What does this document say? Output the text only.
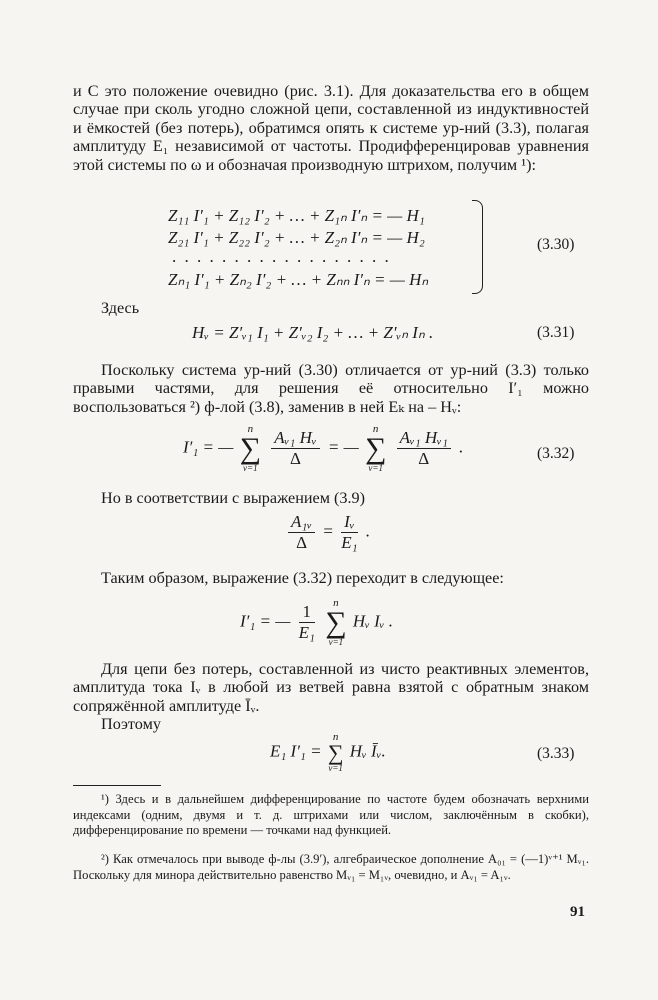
и C это положение очевидно (рис. 3.1). Для доказательства его в общем случае при сколь угодно сложной цепи, составленной из индуктивностей и ёмкостей (без потерь), обратимся опять к системе ур-ний (3.3), полагая амплитуду E₁ независимой от частоты. Продифференцировав уравнения этой системы по ω и обозначая производную штрихом, получим ¹):

Z₁₁ I′₁ + Z₁₂ I′₂ + … + Z₁ₙ I′ₙ = — H₁
Z₂₁ I′₁ + Z₂₂ I′₂ + … + Z₂ₙ I′ₙ = — H₂
. . . . . . . . . . . . . . . . . .
Zₙ₁ I′₁ + Zₙ₂ I′₂ + … + Zₙₙ I′ₙ = — Hₙ
(3.30)
Здесь
Hᵥ = Z′ᵥ₁ I₁ + Z′ᵥ₂ I₂ + … + Z′ᵥₙ Iₙ .	(3.31)

Поскольку система ур-ний (3.30) отличается от ур-ний (3.3) только правыми частями, для решения её относительно I′₁ можно воспользоваться ²) ф-лой (3.8), заменив в ней Eₖ на – Hᵥ:

I′₁ = —
n
∑
ν=1
$\frac{\text{Aᵥ₁ Hᵥ}}{\Delta}$ = —
n
∑
ν=1
$\frac{\text{Aᵥ₁ Hᵥ₁}}{\Delta}$ .	(3.32)
Но в соответствии с выражением (3.9)
$\frac{\text{A₁ᵥ}}{\Delta} = \frac{\text{Iᵥ}}{\text{E₁}}$ .
Таким образом, выражение (3.32) переходит в следующее:
I′₁ = — $\frac{1}{\text{E₁}}$
	n
∑
ν=1
Hᵥ Iᵥ .

Для цепи без потерь, составленной из чисто реактивных элементов, амплитуда тока Iᵥ в любой из ветвей равна взятой с обратным знаком сопряжённой амплитуде Īᵥ.

Поэтому
E₁ I′₁ =
n
∑
ν=1
Hᵥ Īᵥ.	(3.33)

¹) Здесь и в дальнейшем дифференцирование по частоте будем обозначать верхними индексами (одним, двумя и т. д. штрихами или числом, заключённым в скобки), дифференцирование по времени — точками над функцией.

²) Как отмечалось при выводе ф-лы (3.9′), алгебраическое дополнение A₀₁ = (—1)ᵛ⁺¹ Mᵥ₁. Поскольку для минора действительно равенство Mᵥ₁ = M₁ᵥ, очевидно, и Aᵥ₁ = A₁ᵥ.

91
